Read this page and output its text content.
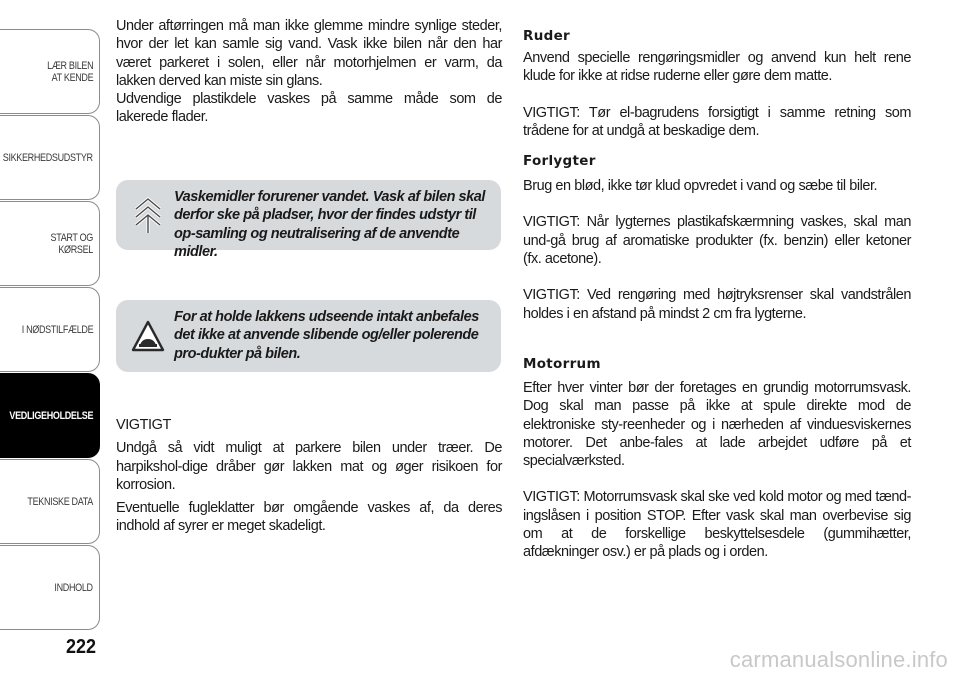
LÆR BILEN
AT KENDE
SIKKERHEDSUDSTYR
START OG KØRSEL
I NØDSTILFÆLDE
VEDLIGEHOLDELSE
TEKNISKE DATA
INDHOLD
222

Under aftørringen må man ikke glemme mindre synlige steder, hvor der let kan samle sig vand. Vask ikke bilen når den har været parkeret i solen, eller når motorhjelmen er varm, da lakken derved kan miste sin glans.

Udvendige plastikdele vaskes på samme måde som de lakerede flader.

Vaskemidler forurener vandet. Vask af bilen skal derfor ske på pladser, hvor der findes udstyr til op-samling og neutralisering af de anvendte midler.

For at holde lakkens udseende intakt anbefales det ikke at anvende slibende og/eller polerende pro-dukter på bilen.

VIGTIGT

Undgå så vidt muligt at parkere bilen under træer. De harpikshol-dige dråber gør lakken mat og øger risikoen for korrosion.

Eventuelle fugleklatter bør omgående vaskes af, da deres indhold af syrer er meget skadeligt.

Ruder

Anvend specielle rengøringsmidler og anvend kun helt rene klude for ikke at ridse ruderne eller gøre dem matte.

VIGTIGT: Tør el-bagrudens forsigtigt i samme retning som trådene for at undgå at beskadige dem.

Forlygter

Brug en blød, ikke tør klud opvredet i vand og sæbe til biler.

VIGTIGT: Når lygternes plastikafskærmning vaskes, skal man und-gå brug af aromatiske produkter (fx. benzin) eller ketoner (fx. acetone).

VIGTIGT: Ved rengøring med højtryksrenser skal vandstrålen holdes i en afstand på mindst 2 cm fra lygterne.

Motorrum

Efter hver vinter bør der foretages en grundig motorrumsvask. Dog skal man passe på ikke at spule direkte mod de elektroniske sty-reenheder og i nærheden af vinduesviskernes motorer. Det anbe-fales at lade arbejdet udføre på et specialværksted.

VIGTIGT: Motorrumsvask skal ske ved kold motor og med tænd-ingslåsen i position STOP. Efter vask skal man overbevise sig om at de forskellige beskyttelsesdele (gummihætter, afdækninger osv.) er på plads og i orden.

carmanualsonline.info
